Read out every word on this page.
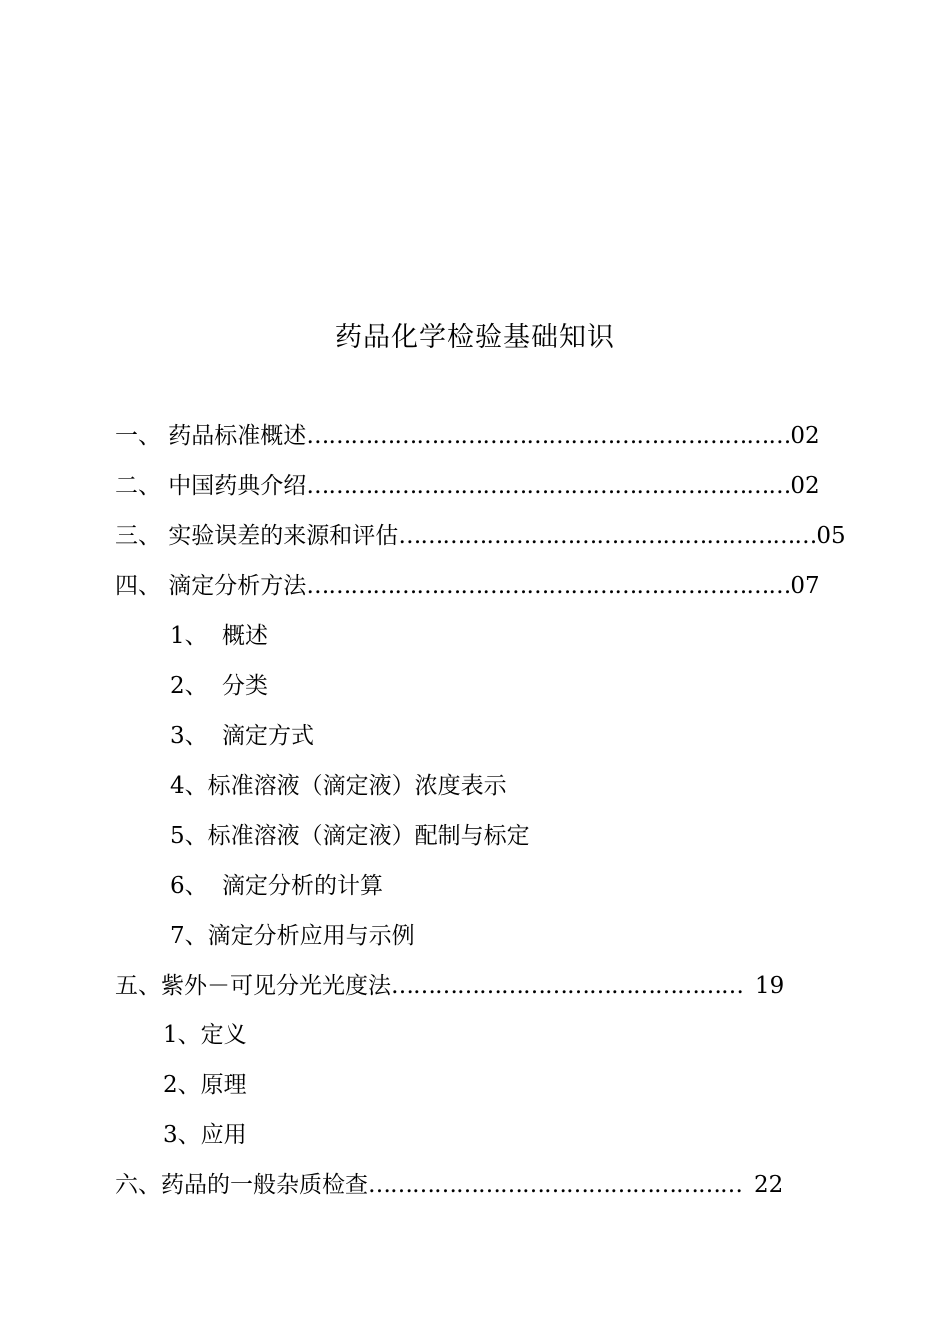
药品化学检验基础知识
一、 药品标准概述 ………………………………………………………… 02
二、 中国药典介绍 ………………………………………………………… 02
三、 实验误差的来源和评估 ………………………………………………… 05
四、 滴定分析方法 ………………………………………………………… 07
1、 概述
2、 分类
3、 滴定方式
4、标准溶液（滴定液）浓度表示
5、标准溶液（滴定液）配制与标定
6、 滴定分析的计算
7、滴定分析应用与示例
五、紫外－可见分光光度法 ………………………………………… 19
1、定义
2、原理
3、应用
六、药品的一般杂质检查 …………………………………………… 22
